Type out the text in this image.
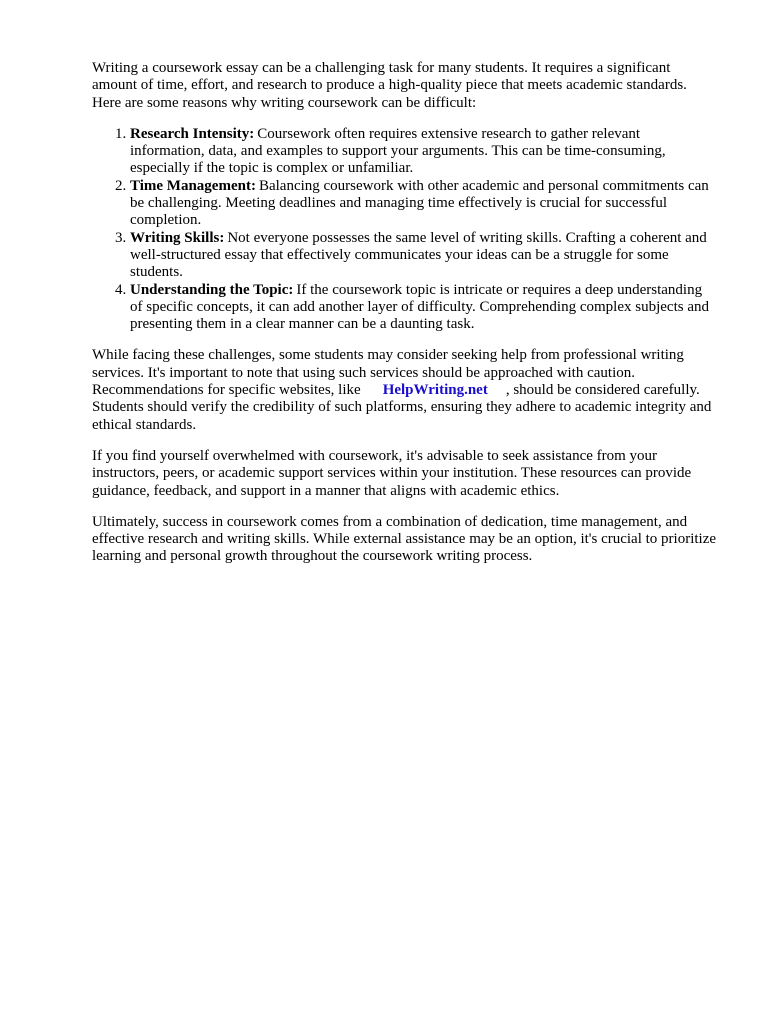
Writing a coursework essay can be a challenging task for many students. It requires a significant amount of time, effort, and research to produce a high-quality piece that meets academic standards. Here are some reasons why writing coursework can be difficult:

1. Research Intensity: Coursework often requires extensive research to gather relevant information, data, and examples to support your arguments. This can be time-consuming, especially if the topic is complex or unfamiliar.
2. Time Management: Balancing coursework with other academic and personal commitments can be challenging. Meeting deadlines and managing time effectively is crucial for successful completion.
3. Writing Skills: Not everyone possesses the same level of writing skills. Crafting a coherent and well-structured essay that effectively communicates your ideas can be a struggle for some students.
4. Understanding the Topic: If the coursework topic is intricate or requires a deep understanding of specific concepts, it can add another layer of difficulty. Comprehending complex subjects and presenting them in a clear manner can be a daunting task.

While facing these challenges, some students may consider seeking help from professional writing services. It's important to note that using such services should be approached with caution. Recommendations for specific websites, like HelpWriting.net , should be considered carefully. Students should verify the credibility of such platforms, ensuring they adhere to academic integrity and ethical standards.

If you find yourself overwhelmed with coursework, it's advisable to seek assistance from your instructors, peers, or academic support services within your institution. These resources can provide guidance, feedback, and support in a manner that aligns with academic ethics.

Ultimately, success in coursework comes from a combination of dedication, time management, and effective research and writing skills. While external assistance may be an option, it's crucial to prioritize learning and personal growth throughout the coursework writing process.
